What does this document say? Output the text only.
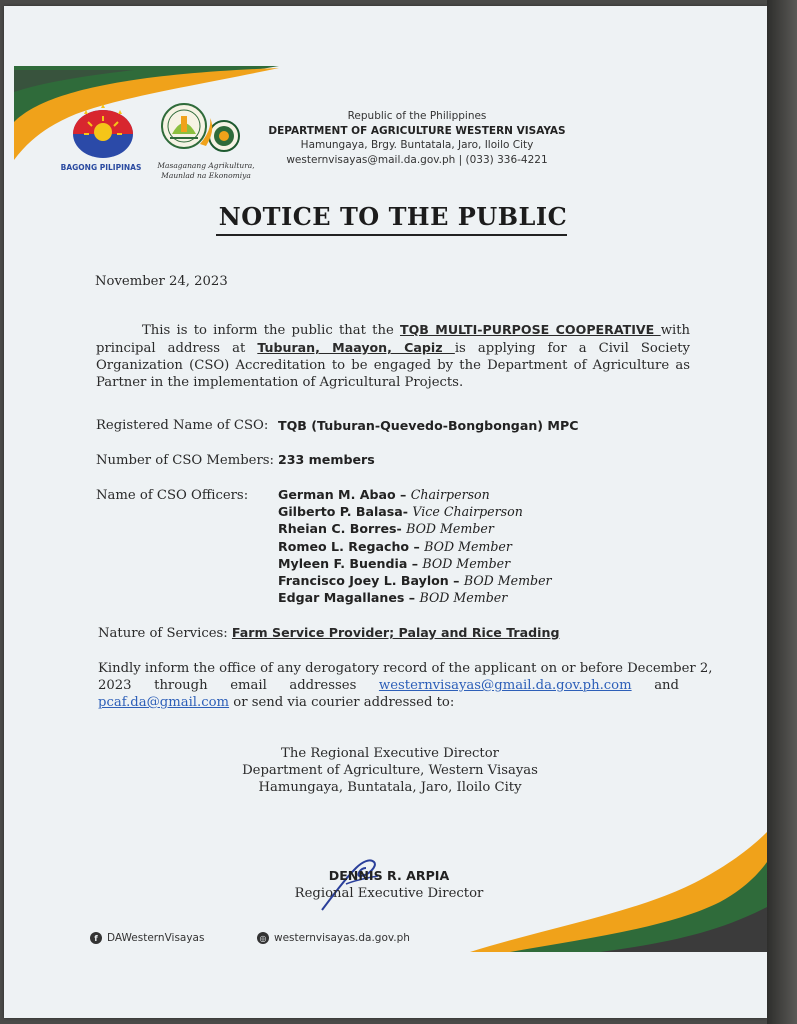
BAGONG PILIPINAS	Masaganang Agrikultura,
Maunlad na Ekonomiya
Republic of the Philippines
DEPARTMENT OF AGRICULTURE WESTERN VISAYAS
Hamungaya, Brgy. Buntatala, Jaro, Iloilo City
westernvisayas@mail.da.gov.ph | (033) 336-4221
NOTICE TO THE PUBLIC
November 24, 2023
This is to inform the public that the TQB MULTI-PURPOSE COOPERATIVE with principal address at Tuburan, Maayon, Capiz is applying for a Civil Society Organization (CSO) Accreditation to be engaged by the Department of Agriculture as Partner in the implementation of Agricultural Projects.
Registered Name of CSO: TQB (Tuburan-Quevedo-Bongbongan) MPC
Number of CSO Members: 233 members
Name of CSO Officers: German M. Abao – Chairperson
Gilberto P. Balasa- Vice Chairperson
Rheian C. Borres- BOD Member
Romeo L. Regacho – BOD Member
Myleen F. Buendia – BOD Member
Francisco Joey L. Baylon – BOD Member
Edgar Magallanes – BOD Member
Nature of Services: Farm Service Provider; Palay and Rice Trading
Kindly inform the office of any derogatory record of the applicant on or before December 2,
2023 through email addresses westernvisayas@gmail.da.gov.ph.com and
pcaf.da@gmail.com or send via courier addressed to:
The Regional Executive Director
Department of Agriculture, Western Visayas
Hamungaya, Buntatala, Jaro, Iloilo City
DENNIS R. ARPIA
Regional Executive Director
f DAWesternVisayas	◎ westernvisayas.da.gov.ph
